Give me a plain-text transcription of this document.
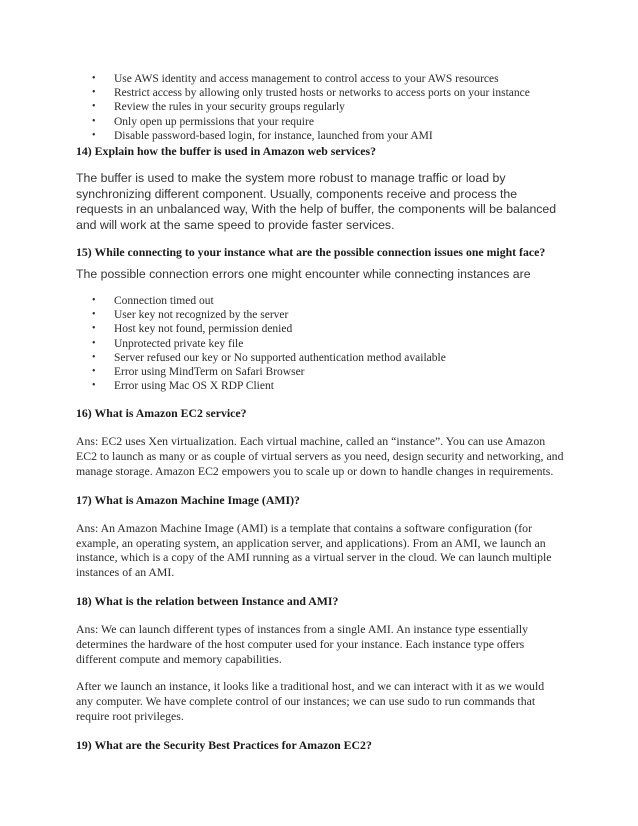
• Use AWS identity and access management to control access to your AWS resources
• Restrict access by allowing only trusted hosts or networks to access ports on your instance
• Review the rules in your security groups regularly
• Only open up permissions that your require
• Disable password-based login, for instance, launched from your AMI
14) Explain how the buffer is used in Amazon web services?

The buffer is used to make the system more robust to manage traffic or load by synchronizing different component. Usually, components receive and process the requests in an unbalanced way, With the help of buffer, the components will be balanced and will work at the same speed to provide faster services.

15) While connecting to your instance what are the possible connection issues one might face?

The possible connection errors one might encounter while connecting instances are

• Connection timed out
• User key not recognized by the server
• Host key not found, permission denied
• Unprotected private key file
• Server refused our key or No supported authentication method available
• Error using MindTerm on Safari Browser
• Error using Mac OS X RDP Client
16) What is Amazon EC2 service?

Ans: EC2 uses Xen virtualization. Each virtual machine, called an “instance”. You can use Amazon EC2 to launch as many or as couple of virtual servers as you need, design security and networking, and manage storage. Amazon EC2 empowers you to scale up or down to handle changes in requirements.

17) What is Amazon Machine Image (AMI)?

Ans: An Amazon Machine Image (AMI) is a template that contains a software configuration (for example, an operating system, an application server, and applications). From an AMI, we launch an instance, which is a copy of the AMI running as a virtual server in the cloud. We can launch multiple instances of an AMI.

18) What is the relation between Instance and AMI?

Ans: We can launch different types of instances from a single AMI. An instance type essentially determines the hardware of the host computer used for your instance. Each instance type offers different compute and memory capabilities.

After we launch an instance, it looks like a traditional host, and we can interact with it as we would any computer. We have complete control of our instances; we can use sudo to run commands that require root privileges.

19) What are the Security Best Practices for Amazon EC2?
